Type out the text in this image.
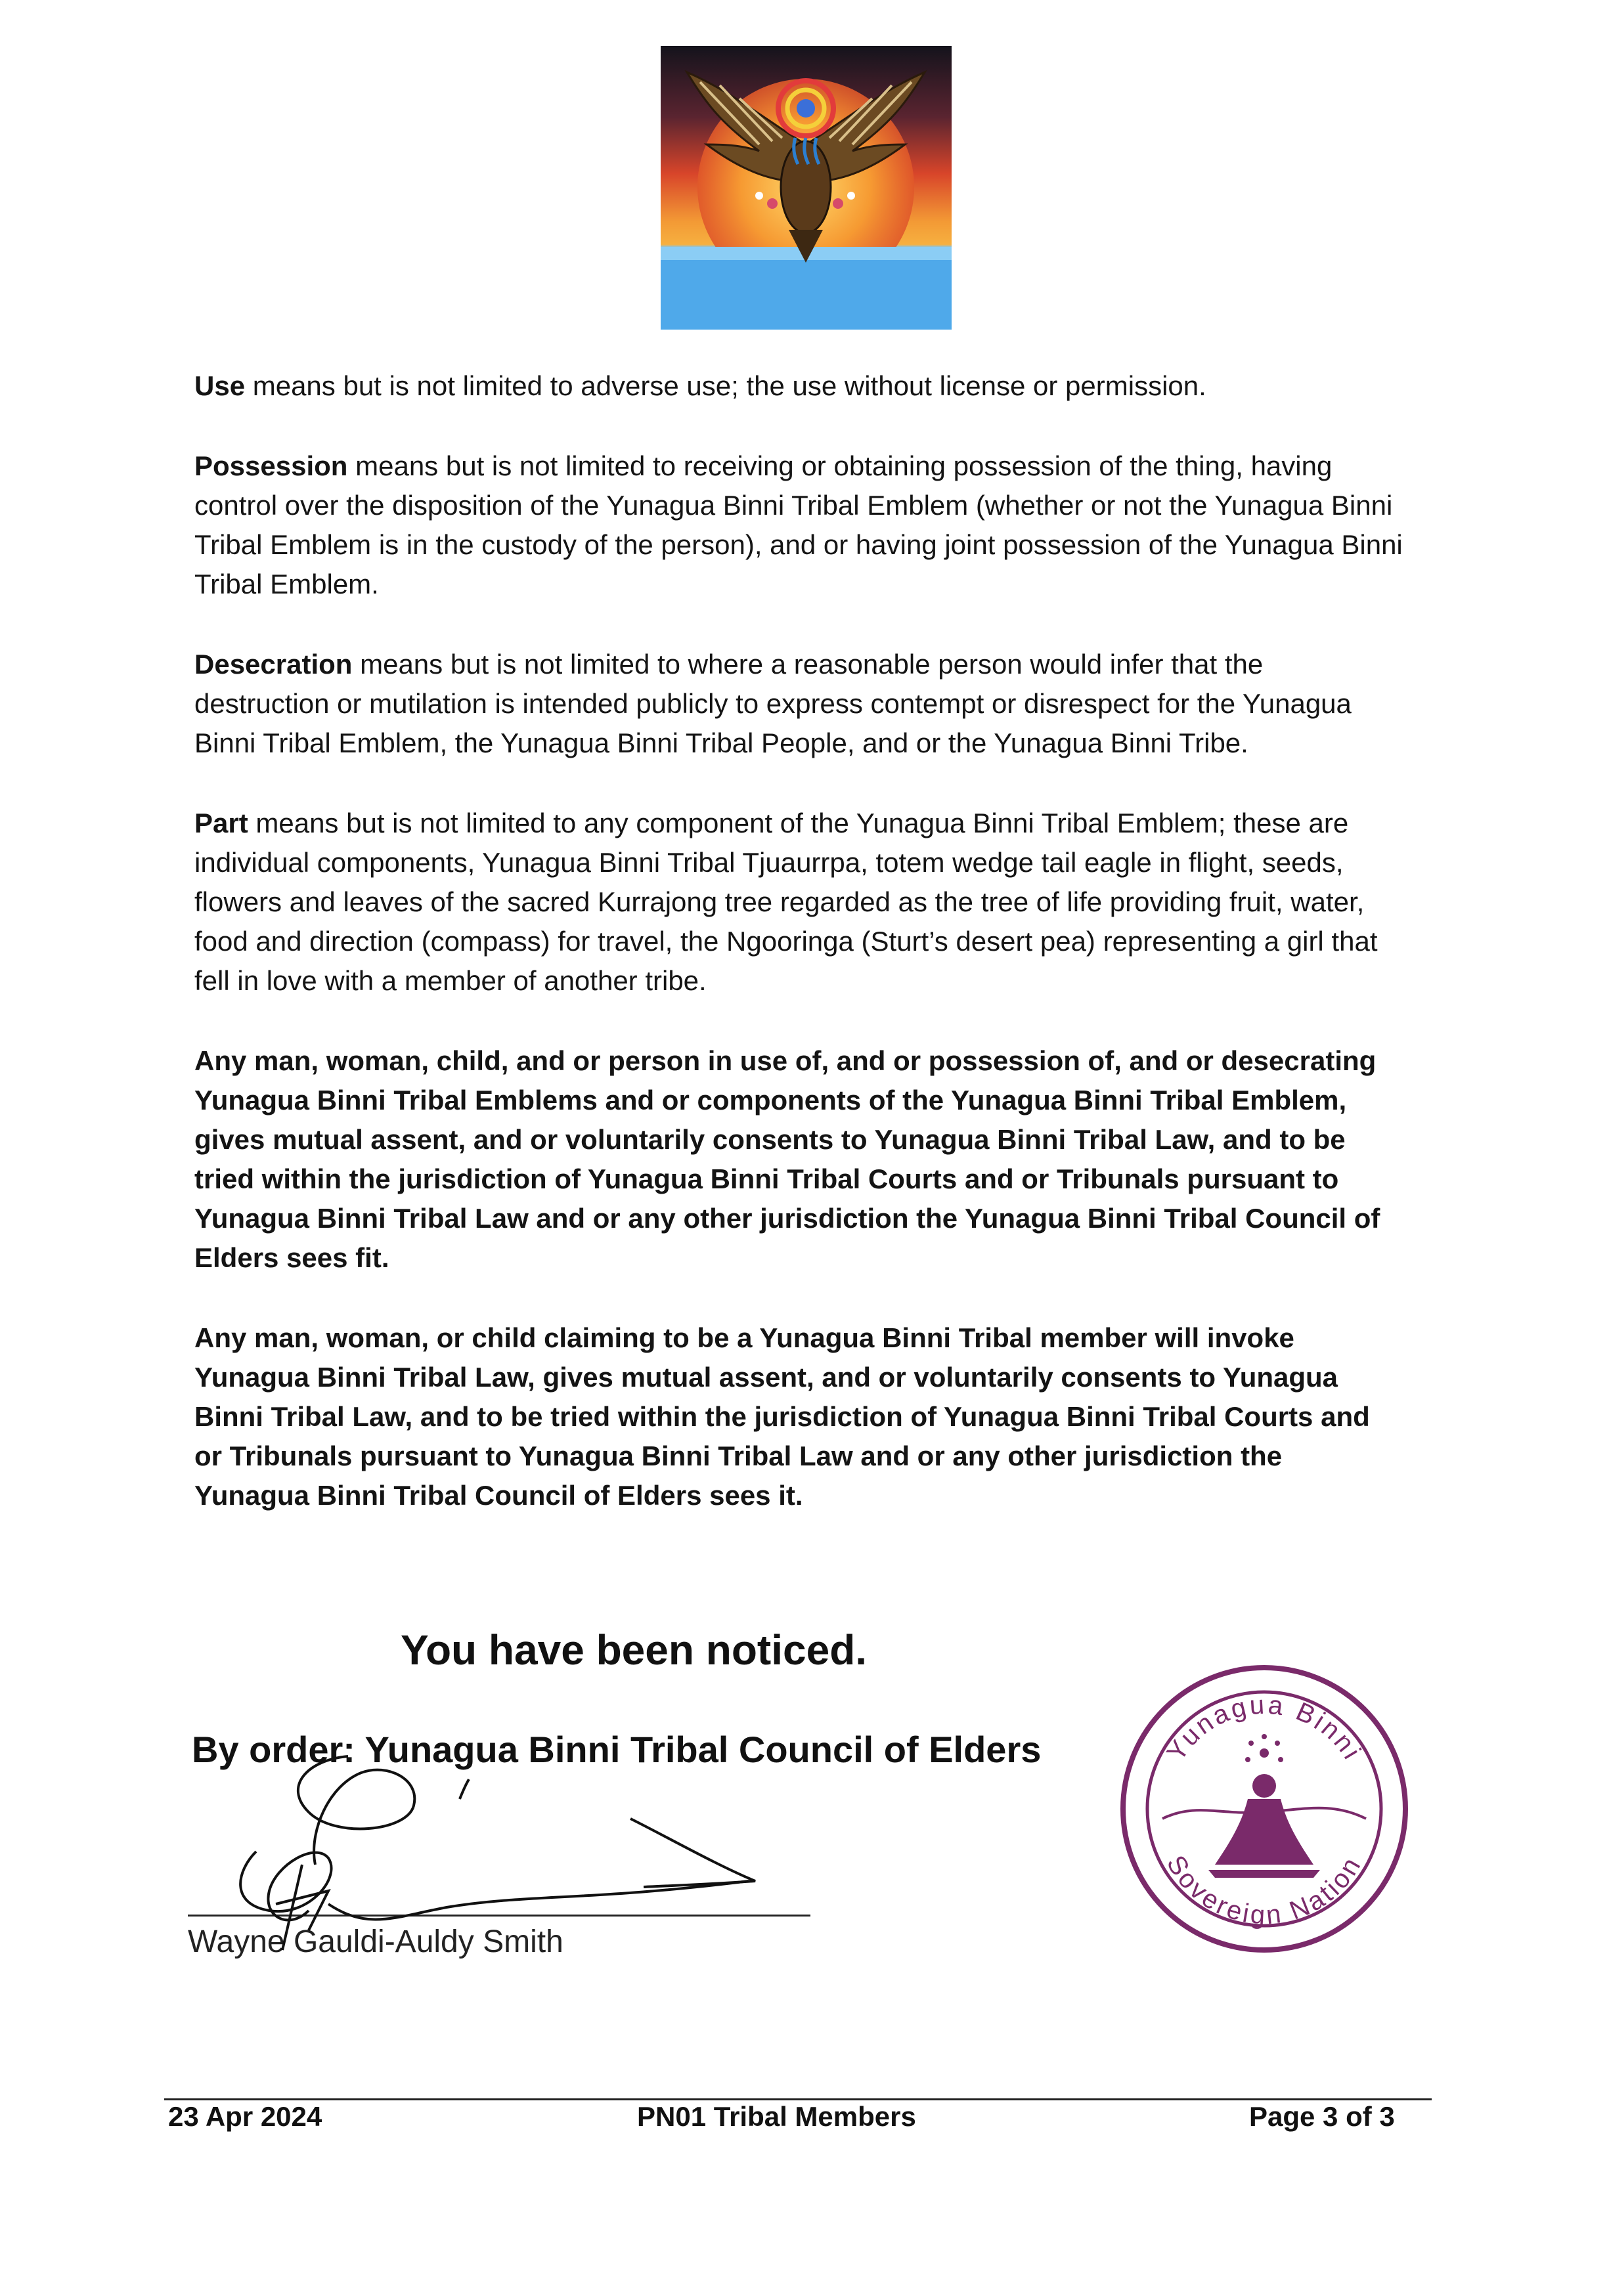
Use means but is not limited to adverse use; the use without license or permission.

Possession means but is not limited to receiving or obtaining possession of the thing, having control over the disposition of the Yunagua Binni Tribal Emblem (whether or not the Yunagua Binni Tribal Emblem is in the custody of the person), and or having joint possession of the Yunagua Binni Tribal Emblem.

Desecration means but is not limited to where a reasonable person would infer that the destruction or mutilation is intended publicly to express contempt or disrespect for the Yunagua Binni Tribal Emblem, the Yunagua Binni Tribal People, and or the Yunagua Binni Tribe.

Part means but is not limited to any component of the Yunagua Binni Tribal Emblem; these are individual components, Yunagua Binni Tribal Tjuaurrpa, totem wedge tail eagle in flight, seeds, flowers and leaves of the sacred Kurrajong tree regarded as the tree of life providing fruit, water, food and direction (compass) for travel, the Ngooringa (Sturt’s desert pea) representing a girl that fell in love with a member of another tribe.

Any man, woman, child, and or person in use of, and or possession of, and or desecrating Yunagua Binni Tribal Emblems and or components of the Yunagua Binni Tribal Emblem, gives mutual assent, and or voluntarily consents to Yunagua Binni Tribal Law, and to be tried within the jurisdiction of Yunagua Binni Tribal Courts and or Tribunals pursuant to Yunagua Binni Tribal Law and or any other jurisdiction the Yunagua Binni Tribal Council of Elders sees fit.

Any man, woman, or child claiming to be a Yunagua Binni Tribal member will invoke Yunagua Binni Tribal Law, gives mutual assent, and or voluntarily consents to Yunagua Binni Tribal Law, and to be tried within the jurisdiction of Yunagua Binni Tribal Courts and or Tribunals pursuant to Yunagua Binni Tribal Law and or any other jurisdiction the Yunagua Binni Tribal Council of Elders sees it.

You have been noticed.
By order: Yunagua Binni Tribal Council of Elders
Wayne Gauldi-Auldy Smith
Yunagua Binni
Sovereign Nation
23 Apr 2024	PN01 Tribal Members	Page 3 of 3
